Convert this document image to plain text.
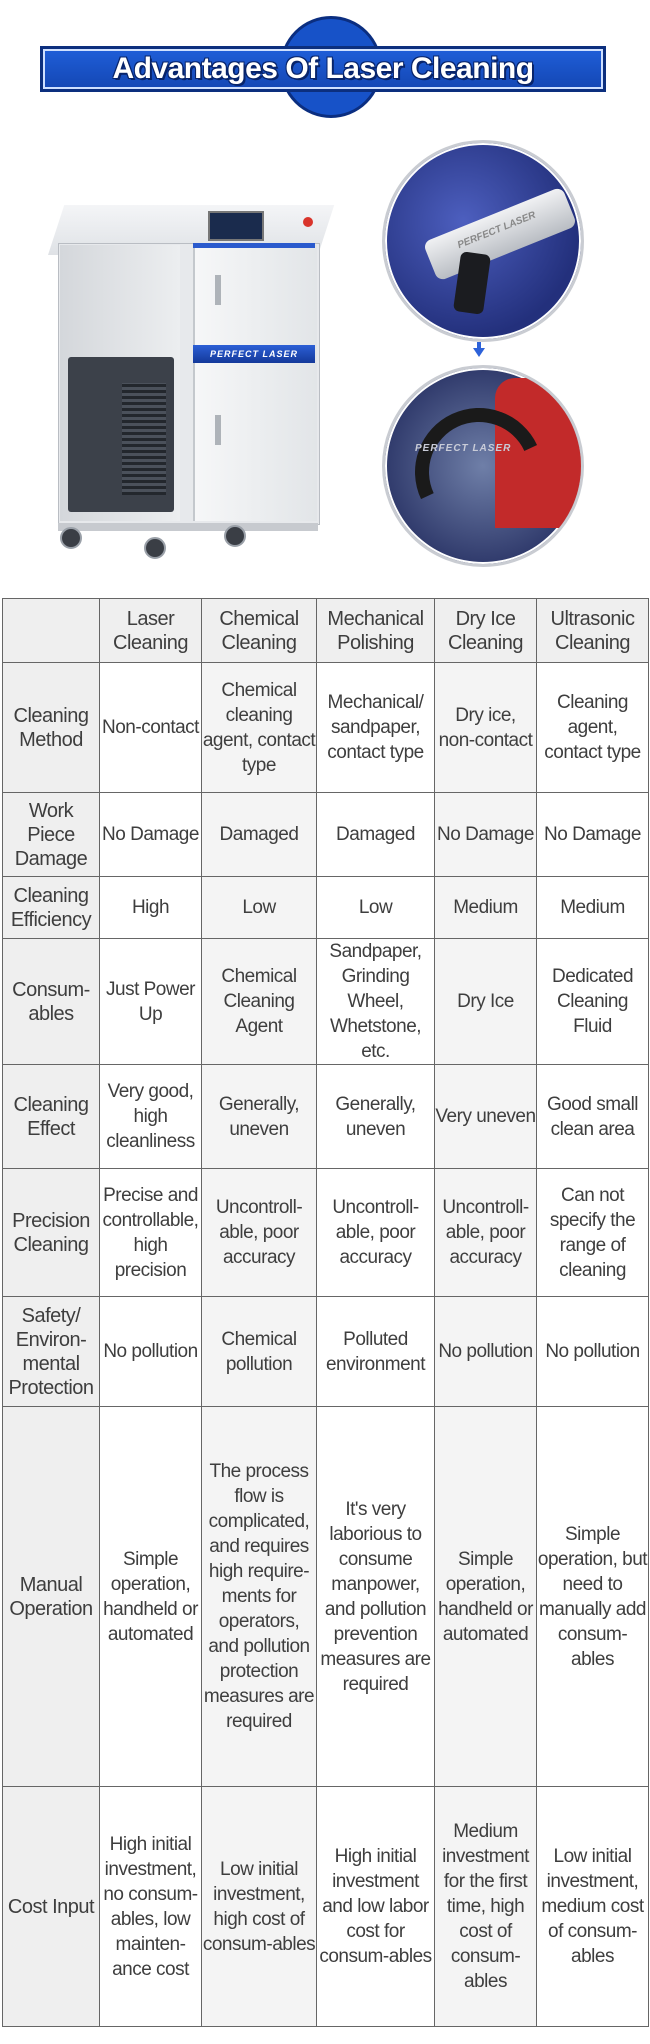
Advantages Of Laser Cleaning
PERFECT LASER
PERFECT LASER
PERFECT LASER
	Laser Cleaning	Chemical Cleaning	Mechanical Polishing	Dry Ice Cleaning	Ultrasonic Cleaning
Cleaning Method	Non-contact	Chemical cleaning agent, contact type	Mechanical/ sandpaper, contact type	Dry ice, non-contact	Cleaning agent, contact type
Work Piece Damage	No Damage	Damaged	Damaged	No Damage	No Damage
Cleaning Efficiency	High	Low	Low	Medium	Medium
Consum-ables	Just Power Up	Chemical Cleaning Agent	Sandpaper, Grinding Wheel, Whetstone, etc.	Dry Ice	Dedicated Cleaning Fluid
Cleaning Effect	Very good, high cleanliness	Generally, uneven	Generally, uneven	Very uneven	Good small clean area
Precision Cleaning	Precise and controllable, high precision	Uncontroll-able, poor accuracy	Uncontroll-able, poor accuracy	Uncontroll-able, poor accuracy	Can not specify the range of cleaning
Safety/ Environ-mental Protection	No pollution	Chemical pollution	Polluted environment	No pollution	No pollution
Manual Operation	Simple operation, handheld or automated	The process flow is complicated, and requires high require-ments for operators, and pollution protection measures are required	It's very laborious to consume manpower, and pollution prevention measures are required	Simple operation, handheld or automated	Simple operation, but need to manually add consum-ables
Cost Input	High initial investment, no consum-ables, low mainten-ance cost	Low initial investment, high cost of consum-ables	High initial investment and low labor cost for consum-ables	Medium investment for the first time, high cost of consum-ables	Low initial investment, medium cost of consum-ables
